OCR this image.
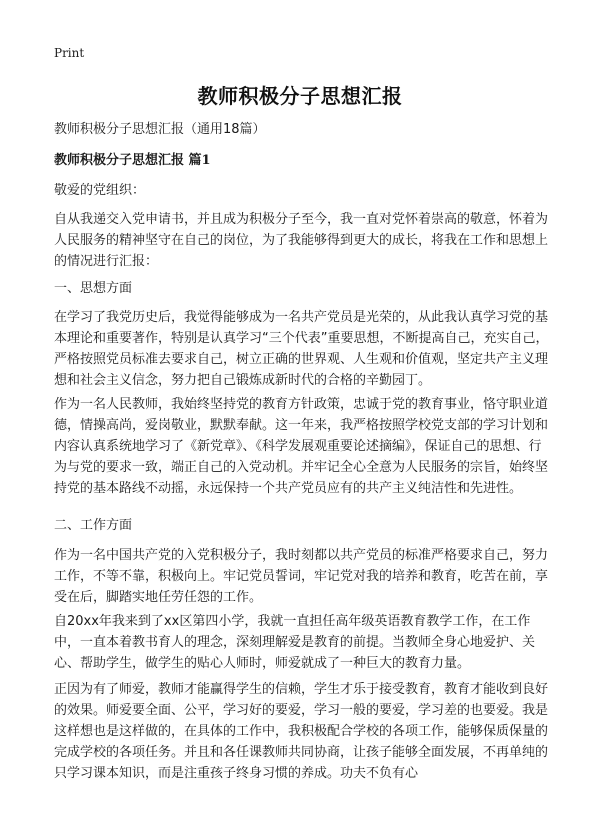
Print
教师积极分子思想汇报

教师积极分子思想汇报（通用18篇）

教师积极分子思想汇报 篇1

敬爱的党组织：

自从我递交入党申请书，并且成为积极分子至今，我一直对党怀着崇高的敬意，怀着为人民服务的精神坚守在自己的岗位，为了我能够得到更大的成长，将我在工作和思想上的情况进行汇报：

一、思想方面

在学习了我党历史后，我觉得能够成为一名共产党员是光荣的，从此我认真学习党的基本理论和重要著作，特别是认真学习“三个代表”重要思想，不断提高自己，充实自己，严格按照党员标准去要求自己，树立正确的世界观、人生观和价值观，坚定共产主义理想和社会主义信念，努力把自己锻炼成新时代的合格的辛勤园丁。

作为一名人民教师，我始终坚持党的教育方针政策，忠诚于党的教育事业，恪守职业道德，情操高尚，爱岗敬业，默默奉献。这一年来，我严格按照学校党支部的学习计划和内容认真系统地学习了《新党章》、《科学发展观重要论述摘编》，保证自己的思想、行为与党的要求一致，端正自己的入党动机。并牢记全心全意为人民服务的宗旨，始终坚持党的基本路线不动摇，永远保持一个共产党员应有的共产主义纯洁性和先进性。

二、工作方面

作为一名中国共产党的入党积极分子，我时刻都以共产党员的标准严格要求自己，努力工作，不等不靠，积极向上。牢记党员誓词，牢记党对我的培养和教育，吃苦在前，享受在后，脚踏实地任劳任怨的工作。

自20xx年我来到了xx区第四小学，我就一直担任高年级英语教育教学工作，在工作中，一直本着教书育人的理念，深刻理解爱是教育的前提。当教师全身心地爱护、关心、帮助学生，做学生的贴心人师时，师爱就成了一种巨大的教育力量。

正因为有了师爱，教师才能赢得学生的信赖，学生才乐于接受教育，教育才能收到良好的效果。师爱要全面、公平，学习好的要爱，学习一般的要爱，学习差的也要爱。我是这样想也是这样做的，在具体的工作中，我积极配合学校的各项工作，能够保质保量的完成学校的各项任务。并且和各任课教师共同协商，让孩子能够全面发展，不再单纯的只学习课本知识，而是注重孩子终身习惯的养成。功夫不负有心
